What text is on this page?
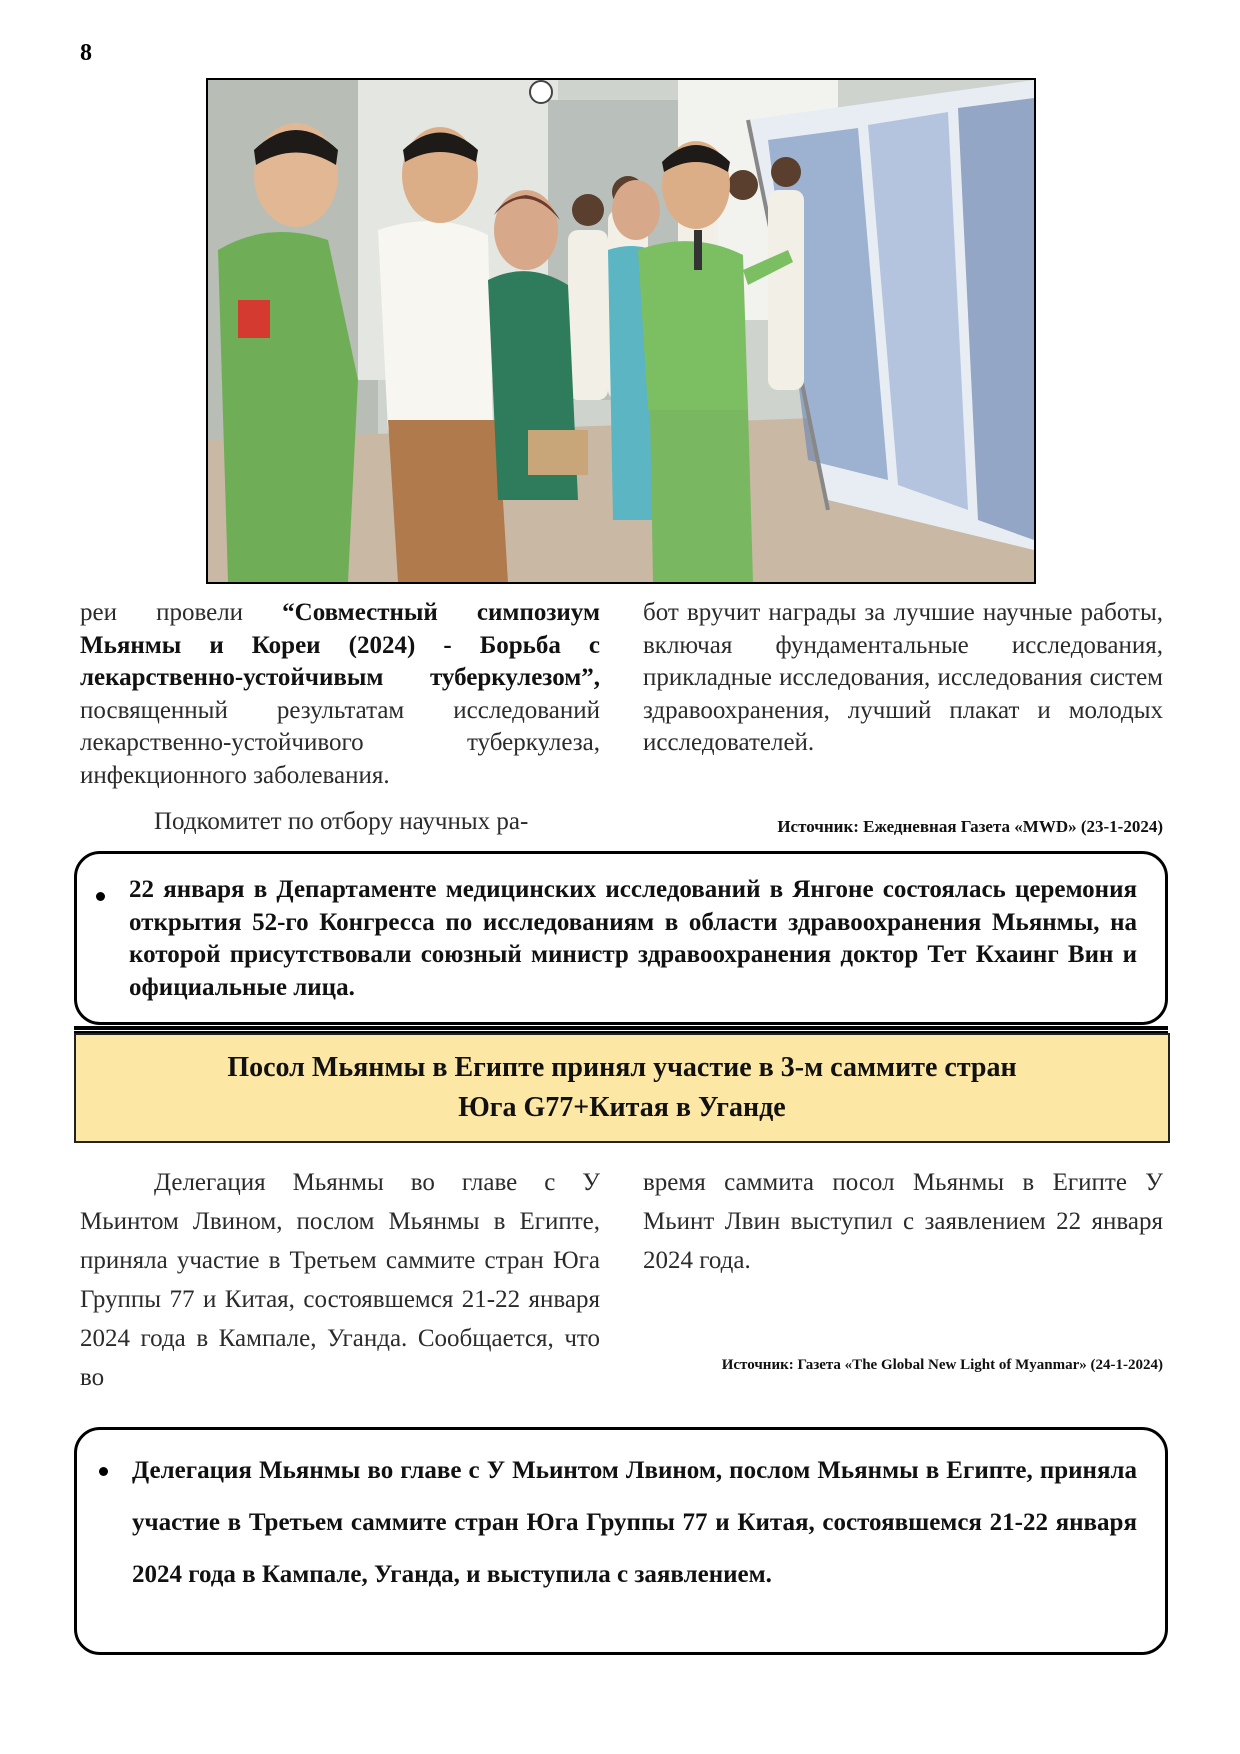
8

реи провели “Совместный симпозиум Мьянмы и Кореи (2024) - Борьба с лекарственно-устойчивым туберкулезом”, посвященный результатам исследований лекарственно-устойчивого туберкулеза, инфекционного заболевания.

Подкомитет по отбору научных ра-

бот вручит награды за лучшие научные работы, включая фундаментальные исследования, прикладные исследования, исследования систем здравоохранения, лучший плакат и молодых исследователей.

Источник: Ежедневная Газета «MWD» (23-1-2024)
22 января в Департаменте медицинских исследований в Янгоне состоялась церемония открытия 52-го Конгресса по исследованиям в области здравоохранения Мьянмы, на которой присутствовали союзный министр здравоохранения доктор Тет Кхаинг Вин и официальные лица.
Посол Мьянмы в Египте принял участие в 3-м саммите стран
Юга G77+Китая в Уганде

Делегация Мьянмы во главе с У Мьинтом Лвином, послом Мьянмы в Египте, приняла участие в Третьем саммите стран Юга Группы 77 и Китая, состоявшемся 21-22 января 2024 года в Кампале, Уганда. Сообщается, что во

время саммита посол Мьянмы в Египте У Мьинт Лвин выступил с заявлением 22 января 2024 года.

Источник: Газета «The Global New Light of Myanmar» (24-1-2024)
Делегация Мьянмы во главе с У Мьинтом Лвином, послом Мьянмы в Египте, приняла участие в Третьем саммите стран Юга Группы 77 и Китая, состоявшемся 21-22 января 2024 года в Кампале, Уганда, и выступила с заявлением.
